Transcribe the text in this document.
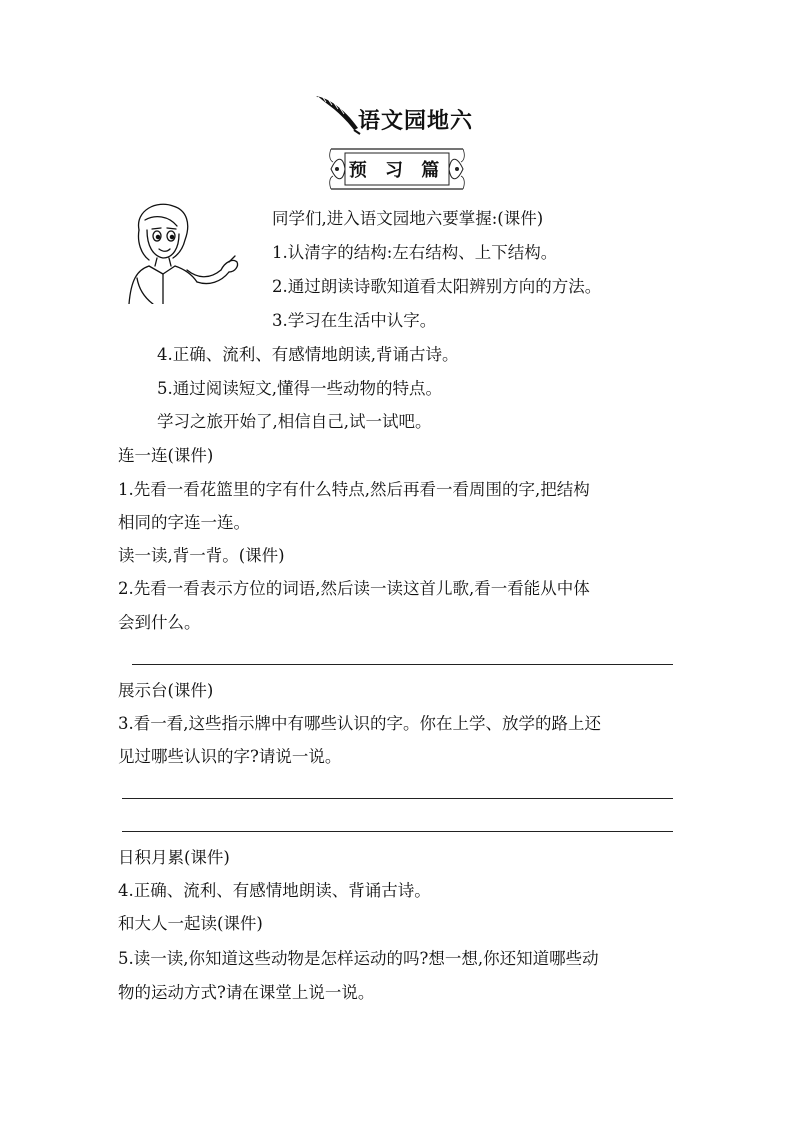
语文园地六
预 习 篇
同学们,进入语文园地六要掌握:(课件)
1.认清字的结构:左右结构、上下结构。
2.通过朗读诗歌知道看太阳辨别方向的方法。
3.学习在生活中认字。
4.正确、流利、有感情地朗读,背诵古诗。
5.通过阅读短文,懂得一些动物的特点。
学习之旅开始了,相信自己,试一试吧。
连一连(课件)
1.先看一看花篮里的字有什么特点,然后再看一看周围的字,把结构
相同的字连一连。
读一读,背一背。(课件)
2.先看一看表示方位的词语,然后读一读这首儿歌,看一看能从中体
会到什么。
展示台(课件)
3.看一看,这些指示牌中有哪些认识的字。你在上学、放学的路上还
见过哪些认识的字?请说一说。
日积月累(课件)
4.正确、流利、有感情地朗读、背诵古诗。
和大人一起读(课件)
5.读一读,你知道这些动物是怎样运动的吗?想一想,你还知道哪些动
物的运动方式?请在课堂上说一说。
